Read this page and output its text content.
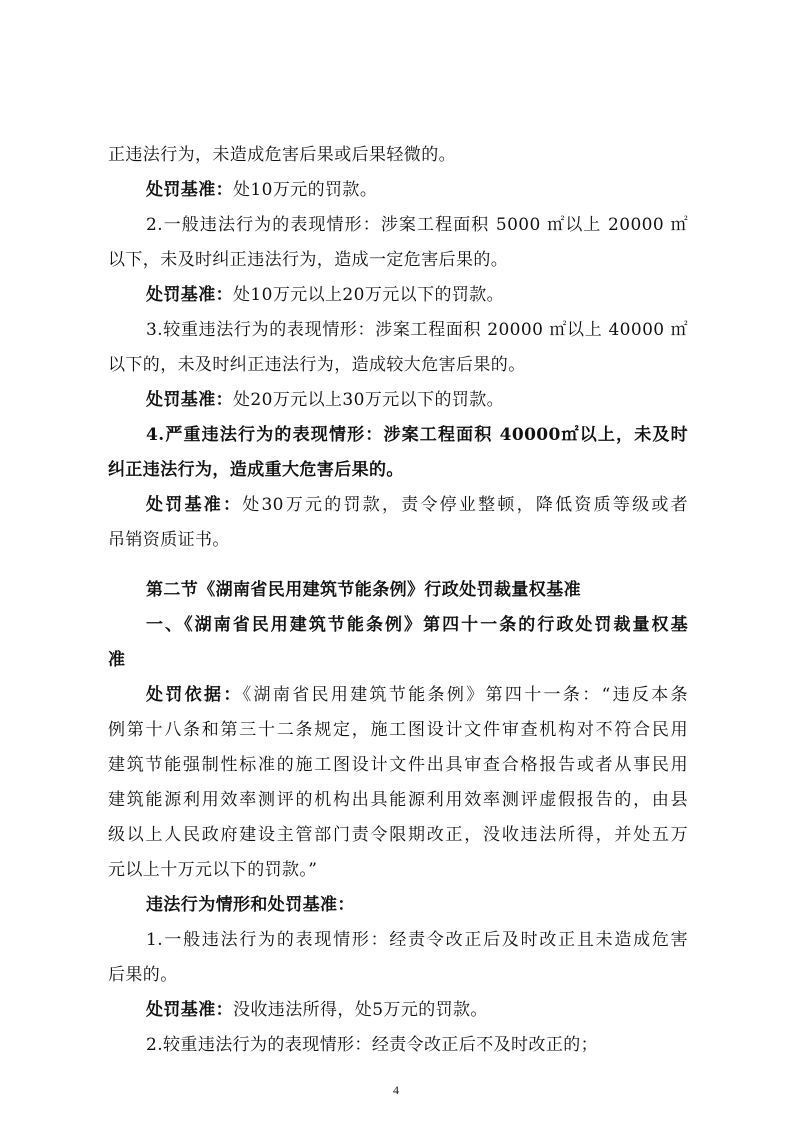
正违法行为，未造成危害后果或后果轻微的。
处罚基准：处10万元的罚款。
2.一般违法行为的表现情形：涉案工程面积 5000 ㎡以上 20000 ㎡
以下，未及时纠正违法行为，造成一定危害后果的。
处罚基准：处10万元以上20万元以下的罚款。
3.较重违法行为的表现情形：涉案工程面积 20000 ㎡以上 40000 ㎡
以下的，未及时纠正违法行为，造成较大危害后果的。
处罚基准：处20万元以上30万元以下的罚款。
4.严重违法行为的表现情形：涉案工程面积 40000㎡以上，未及时
纠正违法行为，造成重大危害后果的。
处罚基准：处30万元的罚款，责令停业整顿，降低资质等级或者
吊销资质证书。
第二节《湖南省民用建筑节能条例》行政处罚裁量权基准
一、《湖南省民用建筑节能条例》第四十一条的行政处罚裁量权基
准
处罚依据：《湖南省民用建筑节能条例》第四十一条：“违反本条
例第十八条和第三十二条规定，施工图设计文件审查机构对不符合民用
建筑节能强制性标准的施工图设计文件出具审查合格报告或者从事民用
建筑能源利用效率测评的机构出具能源利用效率测评虚假报告的，由县
级以上人民政府建设主管部门责令限期改正，没收违法所得，并处五万
元以上十万元以下的罚款。”
违法行为情形和处罚基准：
1.一般违法行为的表现情形：经责令改正后及时改正且未造成危害
后果的。
处罚基准：没收违法所得，处5万元的罚款。
2.较重违法行为的表现情形：经责令改正后不及时改正的；
4
